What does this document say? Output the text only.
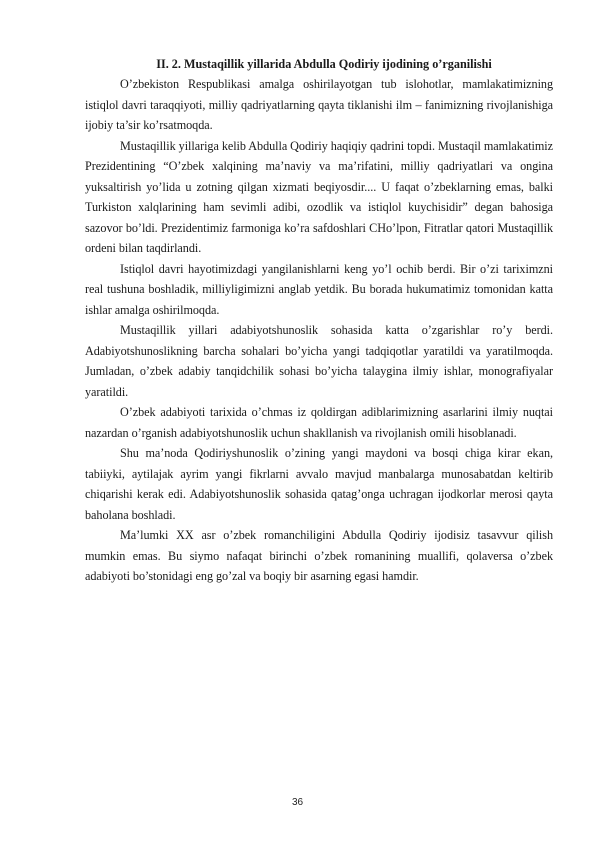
II. 2. Mustaqillik yillarida Abdulla Qodiriy ijodining o’rganilishi

O’zbekiston Respublikasi amalga oshirilayotgan tub islohotlar, mamlakatimizning istiqlol davri taraqqiyoti, milliy qadriyatlarning qayta tiklanishi ilm – fanimizning rivojlanishiga ijobiy ta’sir ko’rsatmoqda.

Mustaqillik yillariga kelib Abdulla Qodiriy haqiqiy qadrini topdi. Mustaqil mamlakatimiz Prezidentining “O’zbek xalqining ma’naviy va ma’rifatini, milliy qadriyatlari va ongina yuksaltirish yo’lida u zotning qilgan xizmati beqiyosdir.... U faqat o’zbeklarning emas, balki Turkiston xalqlarining ham sevimli adibi, ozodlik va istiqlol kuychisidir” degan bahosiga sazovor bo’ldi. Prezidentimiz farmoniga ko’ra safdoshlari CHo’lpon, Fitratlar qatori Mustaqillik ordeni bilan taqdirlandi.

Istiqlol davri hayotimizdagi yangilanishlarni keng yo’l ochib berdi. Bir o’zi tariximzni real tushuna boshladik, milliyligimizni anglab yetdik. Bu borada hukumatimiz tomonidan katta ishlar amalga oshirilmoqda.

Mustaqillik yillari adabiyotshunoslik sohasida katta o’zgarishlar ro’y berdi. Adabiyotshunoslikning barcha sohalari bo’yicha yangi tadqiqotlar yaratildi va yaratilmoqda. Jumladan, o’zbek adabiy tanqidchilik sohasi bo’yicha talaygina ilmiy ishlar, monografiyalar yaratildi.

O’zbek adabiyoti tarixida o’chmas iz qoldirgan adiblarimizning asarlarini ilmiy nuqtai nazardan o’rganish adabiyotshunoslik uchun shakllanish va rivojlanish omili hisoblanadi.

Shu ma’noda Qodiriyshunoslik o’zining yangi maydoni va bosqi chiga kirar ekan, tabiiyki, aytilajak ayrim yangi fikrlarni avvalo mavjud manbalarga munosabatdan keltirib chiqarishi kerak edi. Adabiyotshunoslik sohasida qatag’onga uchragan ijodkorlar merosi qayta baholana boshladi.

Ma’lumki XX asr o’zbek romanchiligini Abdulla Qodiriy ijodisiz tasavvur qilish mumkin emas. Bu siymo nafaqat birinchi o’zbek romanining muallifi, qolaversa o’zbek adabiyoti bo’stonidagi eng go’zal va boqiy bir asarning egasi hamdir.

36
